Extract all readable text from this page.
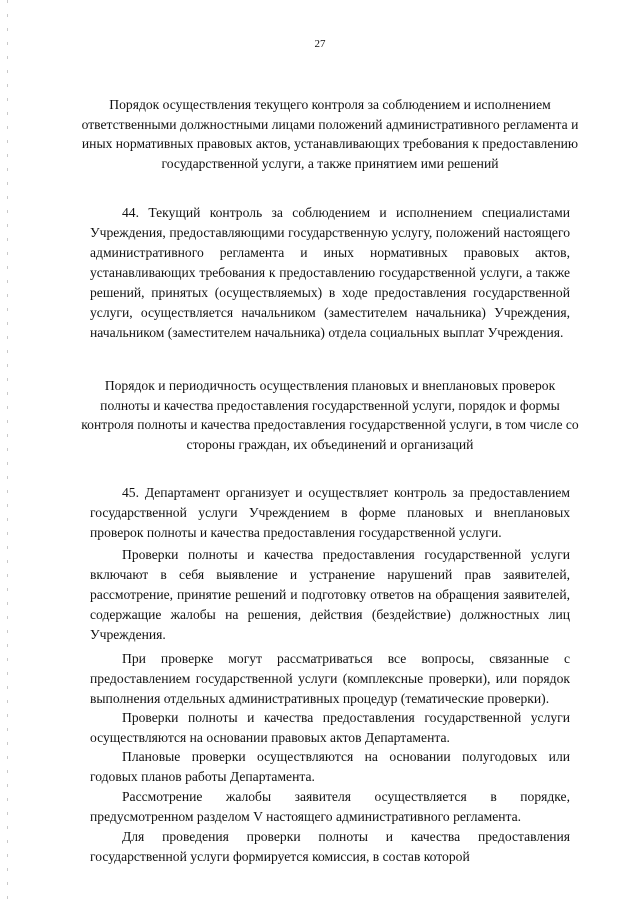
27
Порядок осуществления текущего контроля за соблюдением и исполнением ответственными должностными лицами положений административного регламента и иных нормативных правовых актов, устанавливающих требования к предоставлению государственной услуги, а также принятием ими решений
44. Текущий контроль за соблюдением и исполнением специалистами Учреждения, предоставляющими государственную услугу, положений настоящего административного регламента и иных нормативных правовых актов, устанавливающих требования к предоставлению государственной услуги, а также решений, принятых (осуществляемых) в ходе предоставления государственной услуги, осуществляется начальником (заместителем начальника) Учреждения, начальником (заместителем начальника) отдела социальных выплат Учреждения.
Порядок и периодичность осуществления плановых и внеплановых проверок полноты и качества предоставления государственной услуги, порядок и формы контроля полноты и качества предоставления государственной услуги, в том числе со стороны граждан, их объединений и организаций
45. Департамент организует и осуществляет контроль за предоставлением государственной услуги Учреждением в форме плановых и внеплановых проверок полноты и качества предоставления государственной услуги.
Проверки полноты и качества предоставления государственной услуги включают в себя выявление и устранение нарушений прав заявителей, рассмотрение, принятие решений и подготовку ответов на обращения заявителей, содержащие жалобы на решения, действия (бездействие) должностных лиц Учреждения.
При проверке могут рассматриваться все вопросы, связанные с предоставлением государственной услуги (комплексные проверки), или порядок выполнения отдельных административных процедур (тематические проверки).
Проверки полноты и качества предоставления государственной услуги осуществляются на основании правовых актов Департамента.
Плановые проверки осуществляются на основании полугодовых или годовых планов работы Департамента.
Рассмотрение жалобы заявителя осуществляется в порядке, предусмотренном разделом V настоящего административного регламента.
Для проведения проверки полноты и качества предоставления государственной услуги формируется комиссия, в состав которой
